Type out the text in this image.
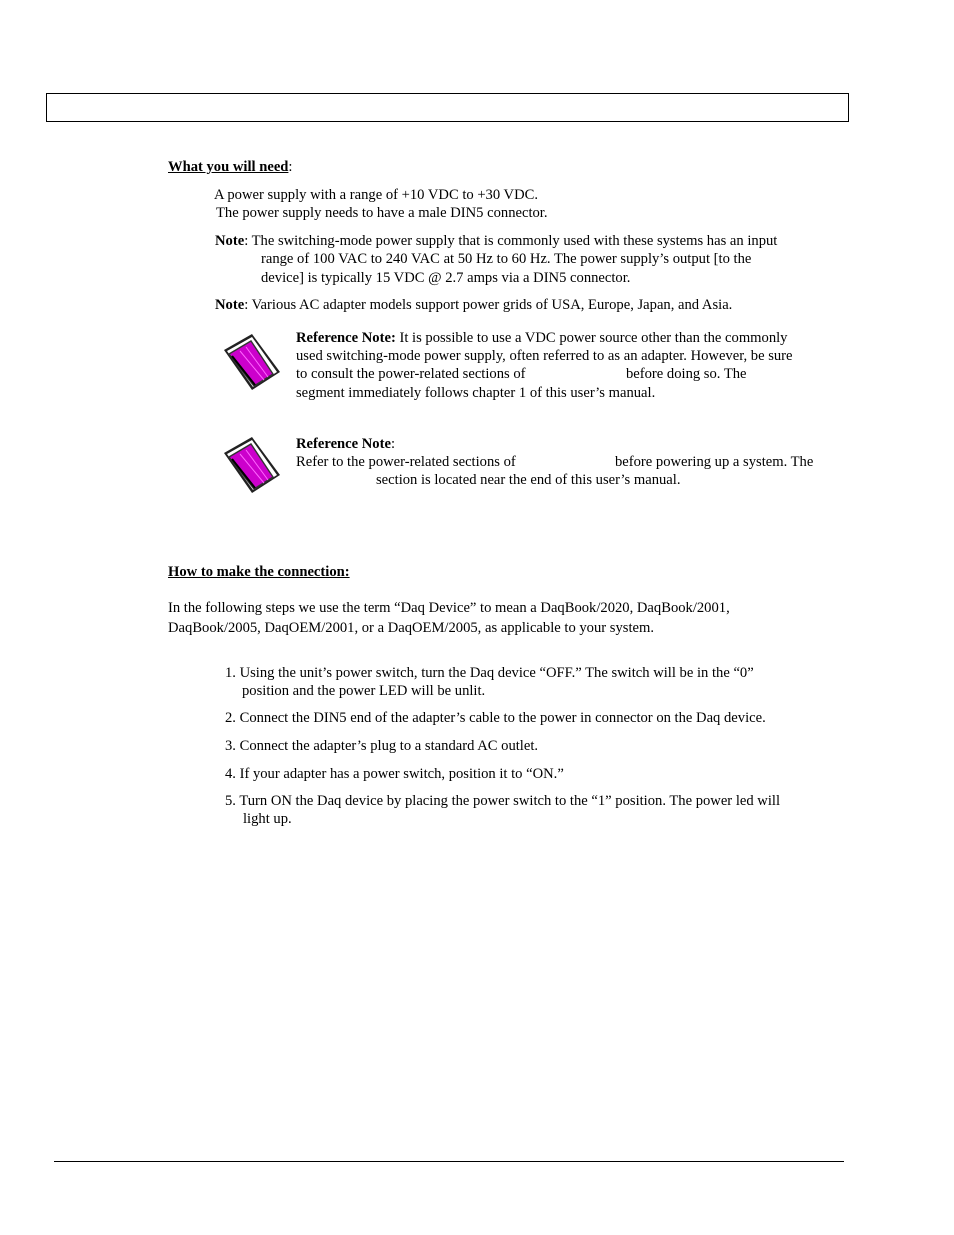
What you will need:
A power supply with a range of +10 VDC to +30 VDC.
The power supply needs to have a male DIN5 connector.
Note: The switching-mode power supply that is commonly used with these systems has an input
range of 100 VAC to 240 VAC at 50 Hz to 60 Hz. The power supply’s output [to the
device] is typically 15 VDC @ 2.7 amps via a DIN5 connector.
Note: Various AC adapter models support power grids of USA, Europe, Japan, and Asia.
Reference Note: It is possible to use a VDC power source other than the commonly
used switching-mode power supply, often referred to as an adapter. However, be sure
to consult the power-related sections of	before doing so. The
segment immediately follows chapter 1 of this user’s manual.
Reference Note:
Refer to the power-related sections of	before powering up a system. The
section is located near the end of this user’s manual.
How to make the connection:
In the following steps we use the term “Daq Device” to mean a DaqBook/2020, DaqBook/2001,
DaqBook/2005, DaqOEM/2001, or a DaqOEM/2005, as applicable to your system.
1. Using the unit’s power switch, turn the Daq device “OFF.” The switch will be in the “0”
position and the power LED will be unlit.
2. Connect the DIN5 end of the adapter’s cable to the power in connector on the Daq device.
3. Connect the adapter’s plug to a standard AC outlet.
4. If your adapter has a power switch, position it to “ON.”
5. Turn ON the Daq device by placing the power switch to the “1” position. The power led will
light up.
